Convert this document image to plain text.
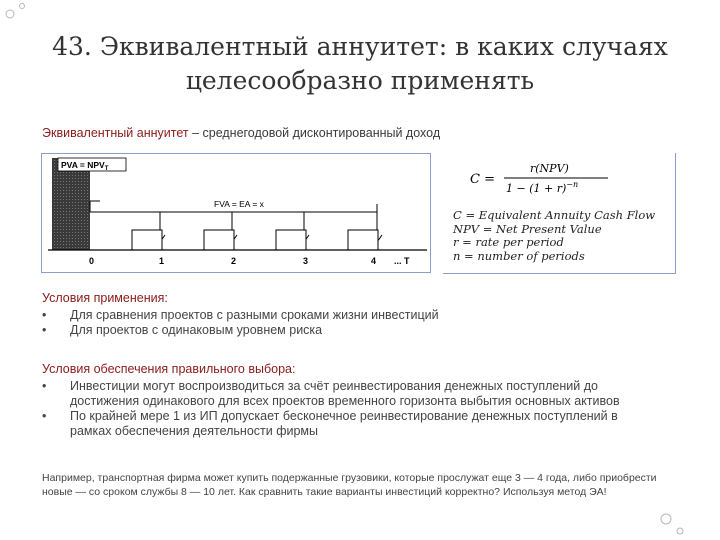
43. Эквивалентный аннуитет: в каких случаях
целесообразно применять
Эквивалентный аннуитет – среднегодовой дисконтированный доход
PVA = $NPV_T$
FVA = EA = x
0	1	2	3	4 ... T
C =
r(NPV)
$1 - (1 + r)^{-n}$
C = Equivalent Annuity Cash Flow
NPV = Net Present Value
r = rate per period
n = number of periods
Условия применения:
•	Для сравнения проектов с разными сроками жизни инвестиций
•	Для проектов с одинаковым уровнем риска
Условия обеспечения правильного выбора:
•	Инвестиции могут воспроизводиться за счёт реинвестирования денежных поступлений до достижения одинакового для всех проектов временного горизонта выбытия основных активов
•	По крайней мере 1 из ИП допускает бесконечное реинвестирование денежных поступлений в рамках обеспечения деятельности фирмы
Например, транспортная фирма может купить подержанные грузовики, которые прослужат еще 3 — 4 года, либо приобрести новые — со сроком службы 8 — 10 лет. Как сравнить такие варианты инвестиций корректно? Используя метод ЭА!
